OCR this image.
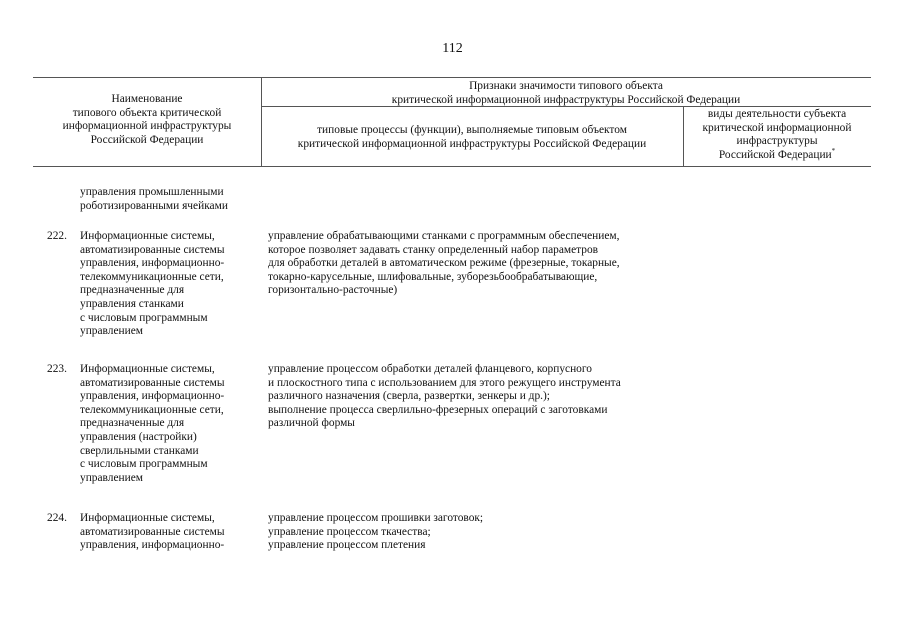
112
Наименование
типового объекта критической
информационной инфраструктуры
Российской Федерации
Признаки значимости типового объекта
критической информационной инфраструктуры Российской Федерации
типовые процессы (функции), выполняемые типовым объектом
критической информационной инфраструктуры Российской Федерации
виды деятельности субъекта
критической информационной
инфраструктуры
Российской Федерации*
управления промышленными
роботизированными ячейками
222. Информационные системы,
автоматизированные системы
управления, информационно-
телекоммуникационные сети,
предназначенные для
управления станками
с числовым программным
управлением
управление обрабатывающими станками с программным обеспечением,
которое позволяет задавать станку определенный набор параметров
для обработки деталей в автоматическом режиме (фрезерные, токарные,
токарно-карусельные, шлифовальные, зуборезьбообрабатывающие,
горизонтально-расточные)
223. Информационные системы,
автоматизированные системы
управления, информационно-
телекоммуникационные сети,
предназначенные для
управления (настройки)
сверлильными станками
с числовым программным
управлением
управление процессом обработки деталей фланцевого, корпусного
и плоскостного типа с использованием для этого режущего инструмента
различного назначения (сверла, развертки, зенкеры и др.);
выполнение процесса сверлильно-фрезерных операций с заготовками
различной формы
224. Информационные системы,
автоматизированные системы
управления, информационно-
управление процессом прошивки заготовок;
управление процессом ткачества;
управление процессом плетения
